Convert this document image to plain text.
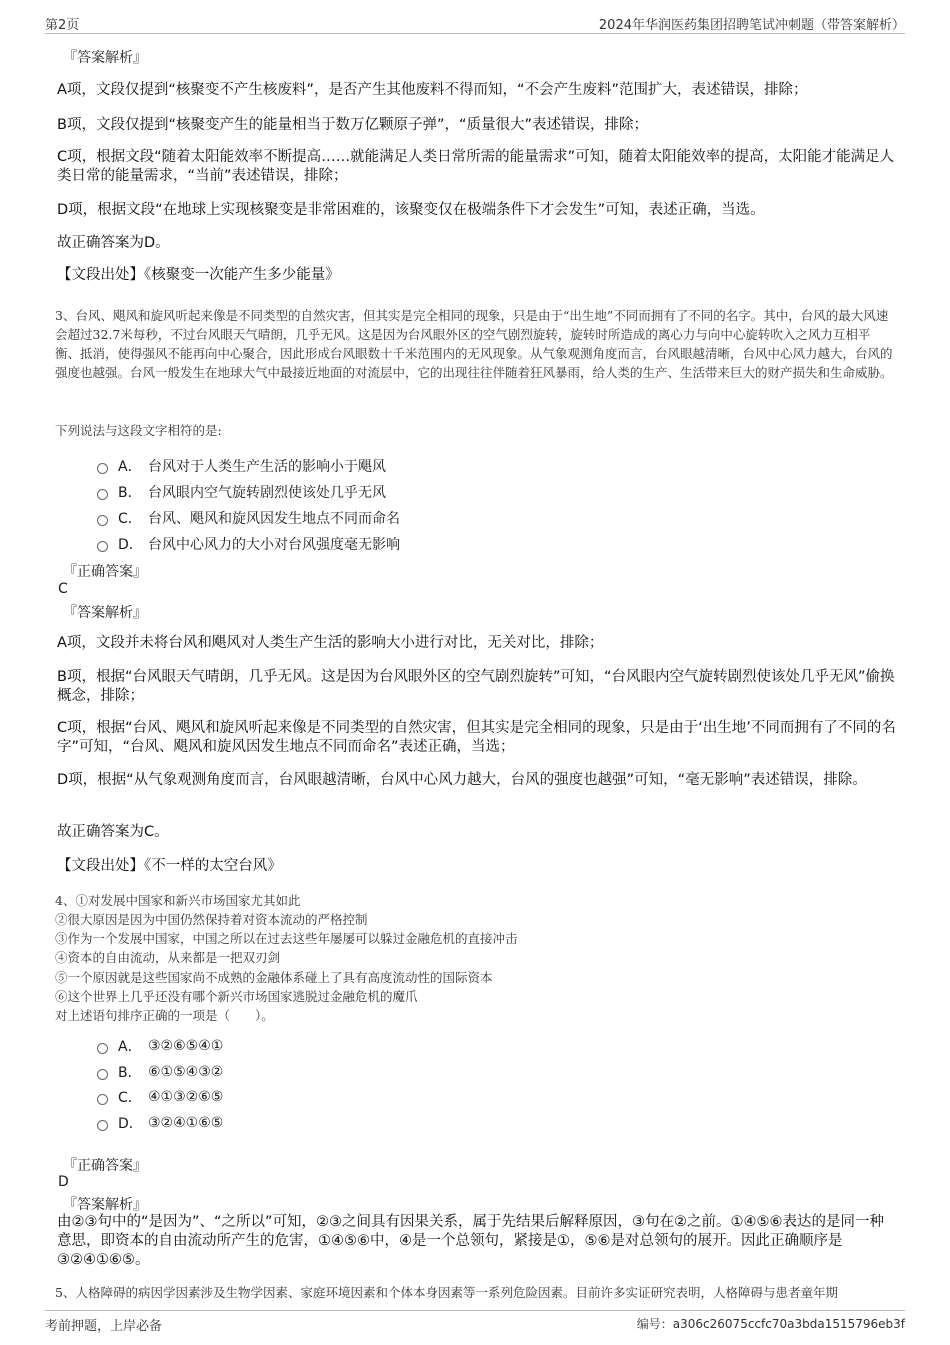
第2页	2024年华润医药集团招聘笔试冲刺题（带答案解析）
『答案解析』
A项，文段仅提到“核聚变不产生核废料”，是否产生其他废料不得而知，“不会产生废料”范围扩大，表述错误，排除；
B项，文段仅提到“核聚变产生的能量相当于数万亿颗原子弹”，“质量很大”表述错误，排除；
C项，根据文段“随着太阳能效率不断提高……就能满足人类日常所需的能量需求”可知，随着太阳能效率的提高，太阳能才能满足人类日常的能量需求，“当前”表述错误，排除；
D项，根据文段“在地球上实现核聚变是非常困难的，该聚变仅在极端条件下才会发生”可知，表述正确，当选。
故正确答案为D。
【文段出处】《核聚变一次能产生多少能量》
3、台风、飓风和旋风听起来像是不同类型的自然灾害，但其实是完全相同的现象，只是由于“出生地”不同而拥有了不同的名字。其中，台风的最大风速会超过32.7米每秒，不过台风眼天气晴朗，几乎无风。这是因为台风眼外区的空气剧烈旋转，旋转时所造成的离心力与向中心旋转吹入之风力互相平衡、抵消，使得强风不能再向中心聚合，因此形成台风眼数十千米范围内的无风现象。从气象观测角度而言，台风眼越清晰，台风中心风力越大，台风的强度也越强。台风一般发生在地球大气中最接近地面的对流层中，它的出现往往伴随着狂风暴雨，给人类的生产、生活带来巨大的财产损失和生命威胁。
下列说法与这段文字相符的是:
A． 台风对于人类生产生活的影响小于飓风
B． 台风眼内空气旋转剧烈使该处几乎无风
C． 台风、飓风和旋风因发生地点不同而命名
D． 台风中心风力的大小对台风强度毫无影响
『正确答案』
C
『答案解析』
A项，文段并未将台风和飓风对人类生产生活的影响大小进行对比，无关对比，排除；
B项，根据“台风眼天气晴朗，几乎无风。这是因为台风眼外区的空气剧烈旋转”可知，“台风眼内空气旋转剧烈使该处几乎无风”偷换概念，排除；
C项，根据“台风、飓风和旋风听起来像是不同类型的自然灾害，但其实是完全相同的现象，只是由于‘出生地’不同而拥有了不同的名字”可知，“台风、飓风和旋风因发生地点不同而命名”表述正确，当选；
D项，根据“从气象观测角度而言，台风眼越清晰，台风中心风力越大，台风的强度也越强”可知，“毫无影响”表述错误，排除。
故正确答案为C。
【文段出处】《不一样的太空台风》
4、①对发展中国家和新兴市场国家尤其如此
②很大原因是因为中国仍然保持着对资本流动的严格控制
③作为一个发展中国家，中国之所以在过去这些年屡屡可以躲过金融危机的直接冲击
④资本的自由流动，从来都是一把双刃剑
⑤一个原因就是这些国家尚不成熟的金融体系碰上了具有高度流动性的国际资本
⑥这个世界上几乎还没有哪个新兴市场国家逃脱过金融危机的魔爪
对上述语句排序正确的一项是（　　）。
A． ③②⑥⑤④①
B． ⑥①⑤④③②
C． ④①③②⑥⑤
D． ③②④①⑥⑤
『正确答案』
D
『答案解析』
由②③句中的“是因为”、“之所以”可知，②③之间具有因果关系，属于先结果后解释原因，③句在②之前。①④⑤⑥表达的是同一种意思，即资本的自由流动所产生的危害，①④⑤⑥中，④是一个总领句，紧接是①，⑤⑥是对总领句的展开。因此正确顺序是③②④①⑥⑤。
5、人格障碍的病因学因素涉及生物学因素、家庭环境因素和个体本身因素等一系列危险因素。目前许多实证研究表明，人格障碍与患者童年期
考前押题，上岸必备	编号：a306c26075ccfc70a3bda1515796eb3f
